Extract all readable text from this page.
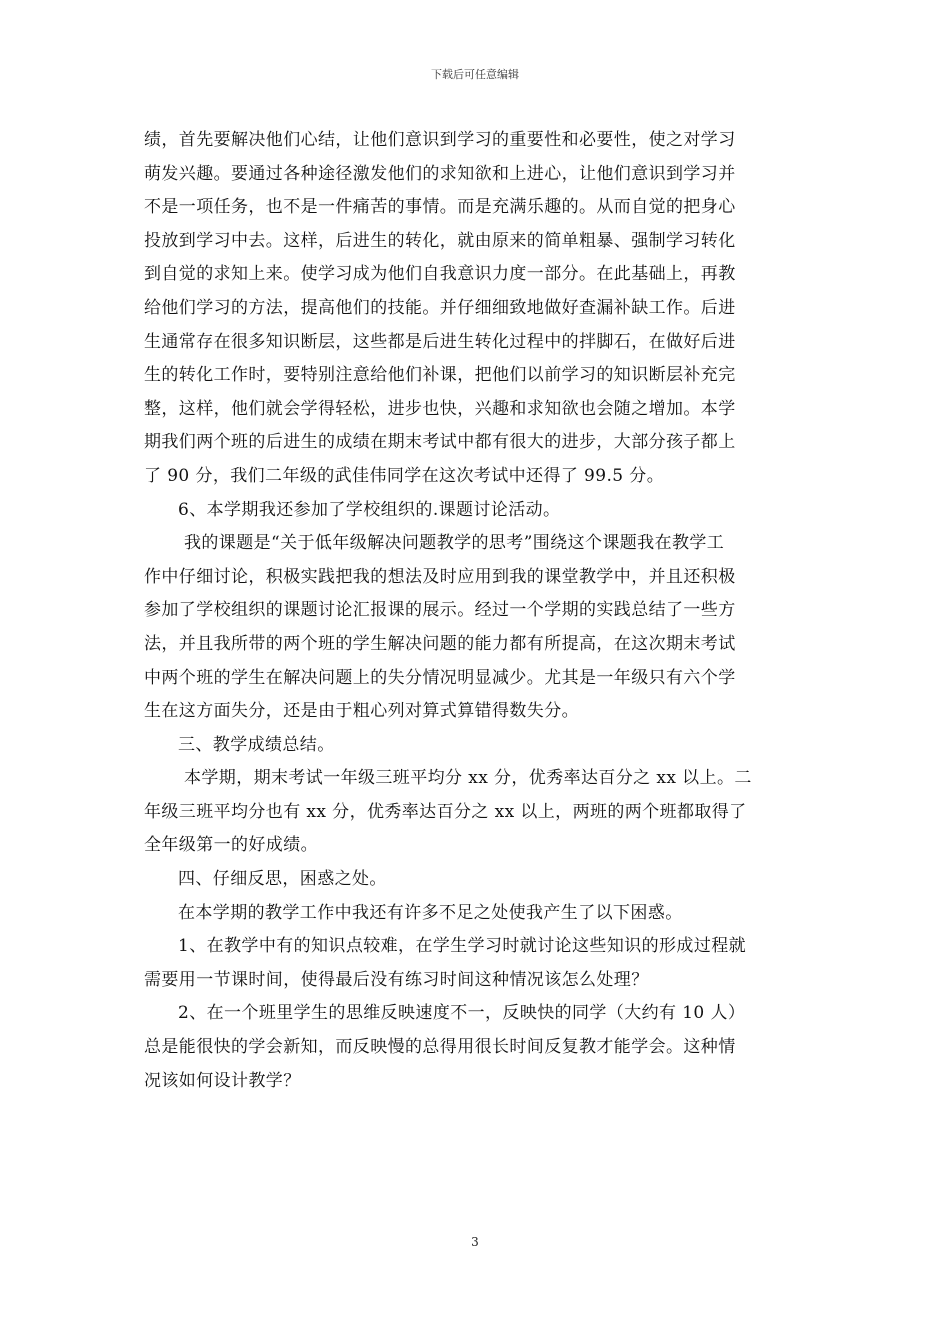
下载后可任意编辑
绩，首先要解决他们心结，让他们意识到学习的重要性和必要性，使之对学习
萌发兴趣。要通过各种途径激发他们的求知欲和上进心，让他们意识到学习并
不是一项任务，也不是一件痛苦的事情。而是充满乐趣的。从而自觉的把身心
投放到学习中去。这样，后进生的转化，就由原来的简单粗暴、强制学习转化
到自觉的求知上来。使学习成为他们自我意识力度一部分。在此基础上，再教
给他们学习的方法，提高他们的技能。并仔细细致地做好查漏补缺工作。后进
生通常存在很多知识断层，这些都是后进生转化过程中的拌脚石，在做好后进
生的转化工作时，要特别注意给他们补课，把他们以前学习的知识断层补充完
整，这样，他们就会学得轻松，进步也快，兴趣和求知欲也会随之增加。本学
期我们两个班的后进生的成绩在期末考试中都有很大的进步，大部分孩子都上
了 90 分，我们二年级的武佳伟同学在这次考试中还得了 99.5 分。
6、本学期我还参加了学校组织的.课题讨论活动。
我的课题是“关于低年级解决问题教学的思考”围绕这个课题我在教学工
作中仔细讨论，积极实践把我的想法及时应用到我的课堂教学中，并且还积极
参加了学校组织的课题讨论汇报课的展示。经过一个学期的实践总结了一些方
法，并且我所带的两个班的学生解决问题的能力都有所提高，在这次期末考试
中两个班的学生在解决问题上的失分情况明显减少。尤其是一年级只有六个学
生在这方面失分，还是由于粗心列对算式算错得数失分。
三、教学成绩总结。
本学期，期末考试一年级三班平均分 xx 分，优秀率达百分之 xx 以上。二
年级三班平均分也有 xx 分，优秀率达百分之 xx 以上，两班的两个班都取得了
全年级第一的好成绩。
四、仔细反思，困惑之处。
在本学期的教学工作中我还有许多不足之处使我产生了以下困惑。
1、在教学中有的知识点较难，在学生学习时就讨论这些知识的形成过程就
需要用一节课时间，使得最后没有练习时间这种情况该怎么处理？
2、在一个班里学生的思维反映速度不一，反映快的同学（大约有 10 人）
总是能很快的学会新知，而反映慢的总得用很长时间反复教才能学会。这种情
况该如何设计教学？
3
